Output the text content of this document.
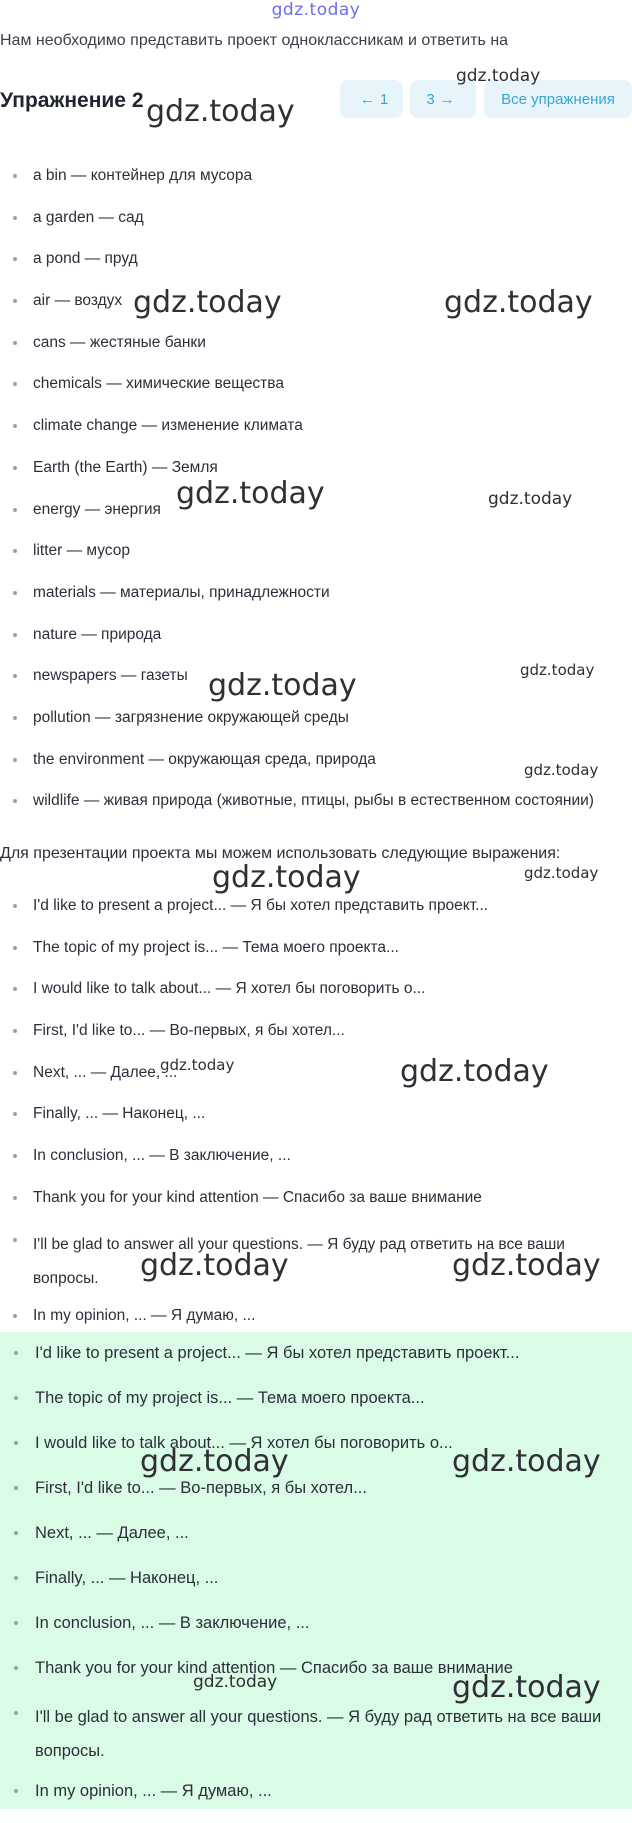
gdz.today
Нам необходимо представить проект одноклассникам и ответить на
Упражнение 2	← 1	3 →	Все упражнения
a bin — контейнер для мусора
a garden — сад
a pond — пруд
air — воздух
cans — жестяные банки
chemicals — химические вещества
climate change — изменение климата
Earth (the Earth) — Земля
energy — энергия
litter — мусор
materials — материалы, принадлежности
nature — природа
newspapers — газеты
pollution — загрязнение окружающей среды
the environment — окружающая среда, природа
wildlife — живая природа (животные, птицы, рыбы в естественном состоянии)
Для презентации проекта мы можем использовать следующие выражения:
I'd like to present a project... — Я бы хотел представить проект...
The topic of my project is... — Тема моего проекта...
I would like to talk about... — Я хотел бы поговорить о...
First, I'd like to... — Во-первых, я бы хотел...
Next, ... — Далее, ...
Finally, ... — Наконец, ...
In conclusion, ... — В заключение, ...
Thank you for your kind attention — Спасибо за ваше внимание
I'll be glad to answer all your questions. — Я буду рад ответить на все ваши вопросы.
In my opinion, ... — Я думаю, ...
I'd like to present a project... — Я бы хотел представить проект...
The topic of my project is... — Тема моего проекта...
I would like to talk about... — Я хотел бы поговорить о...
First, I'd like to... — Во-первых, я бы хотел...
Next, ... — Далее, ...
Finally, ... — Наконец, ...
In conclusion, ... — В заключение, ...
Thank you for your kind attention — Спасибо за ваше внимание
I'll be glad to answer all your questions. — Я буду рад ответить на все ваши вопросы.
In my opinion, ... — Я думаю, ...
gdz.today
gdz.today
gdz.today	gdz.today
gdz.today	gdz.today
gdz.today
gdz.today
gdz.today
gdz.today
gdz.today
gdz.today	gdz.today
gdz.today	gdz.today
gdz.today	gdz.today
gdz.today	gdz.today
